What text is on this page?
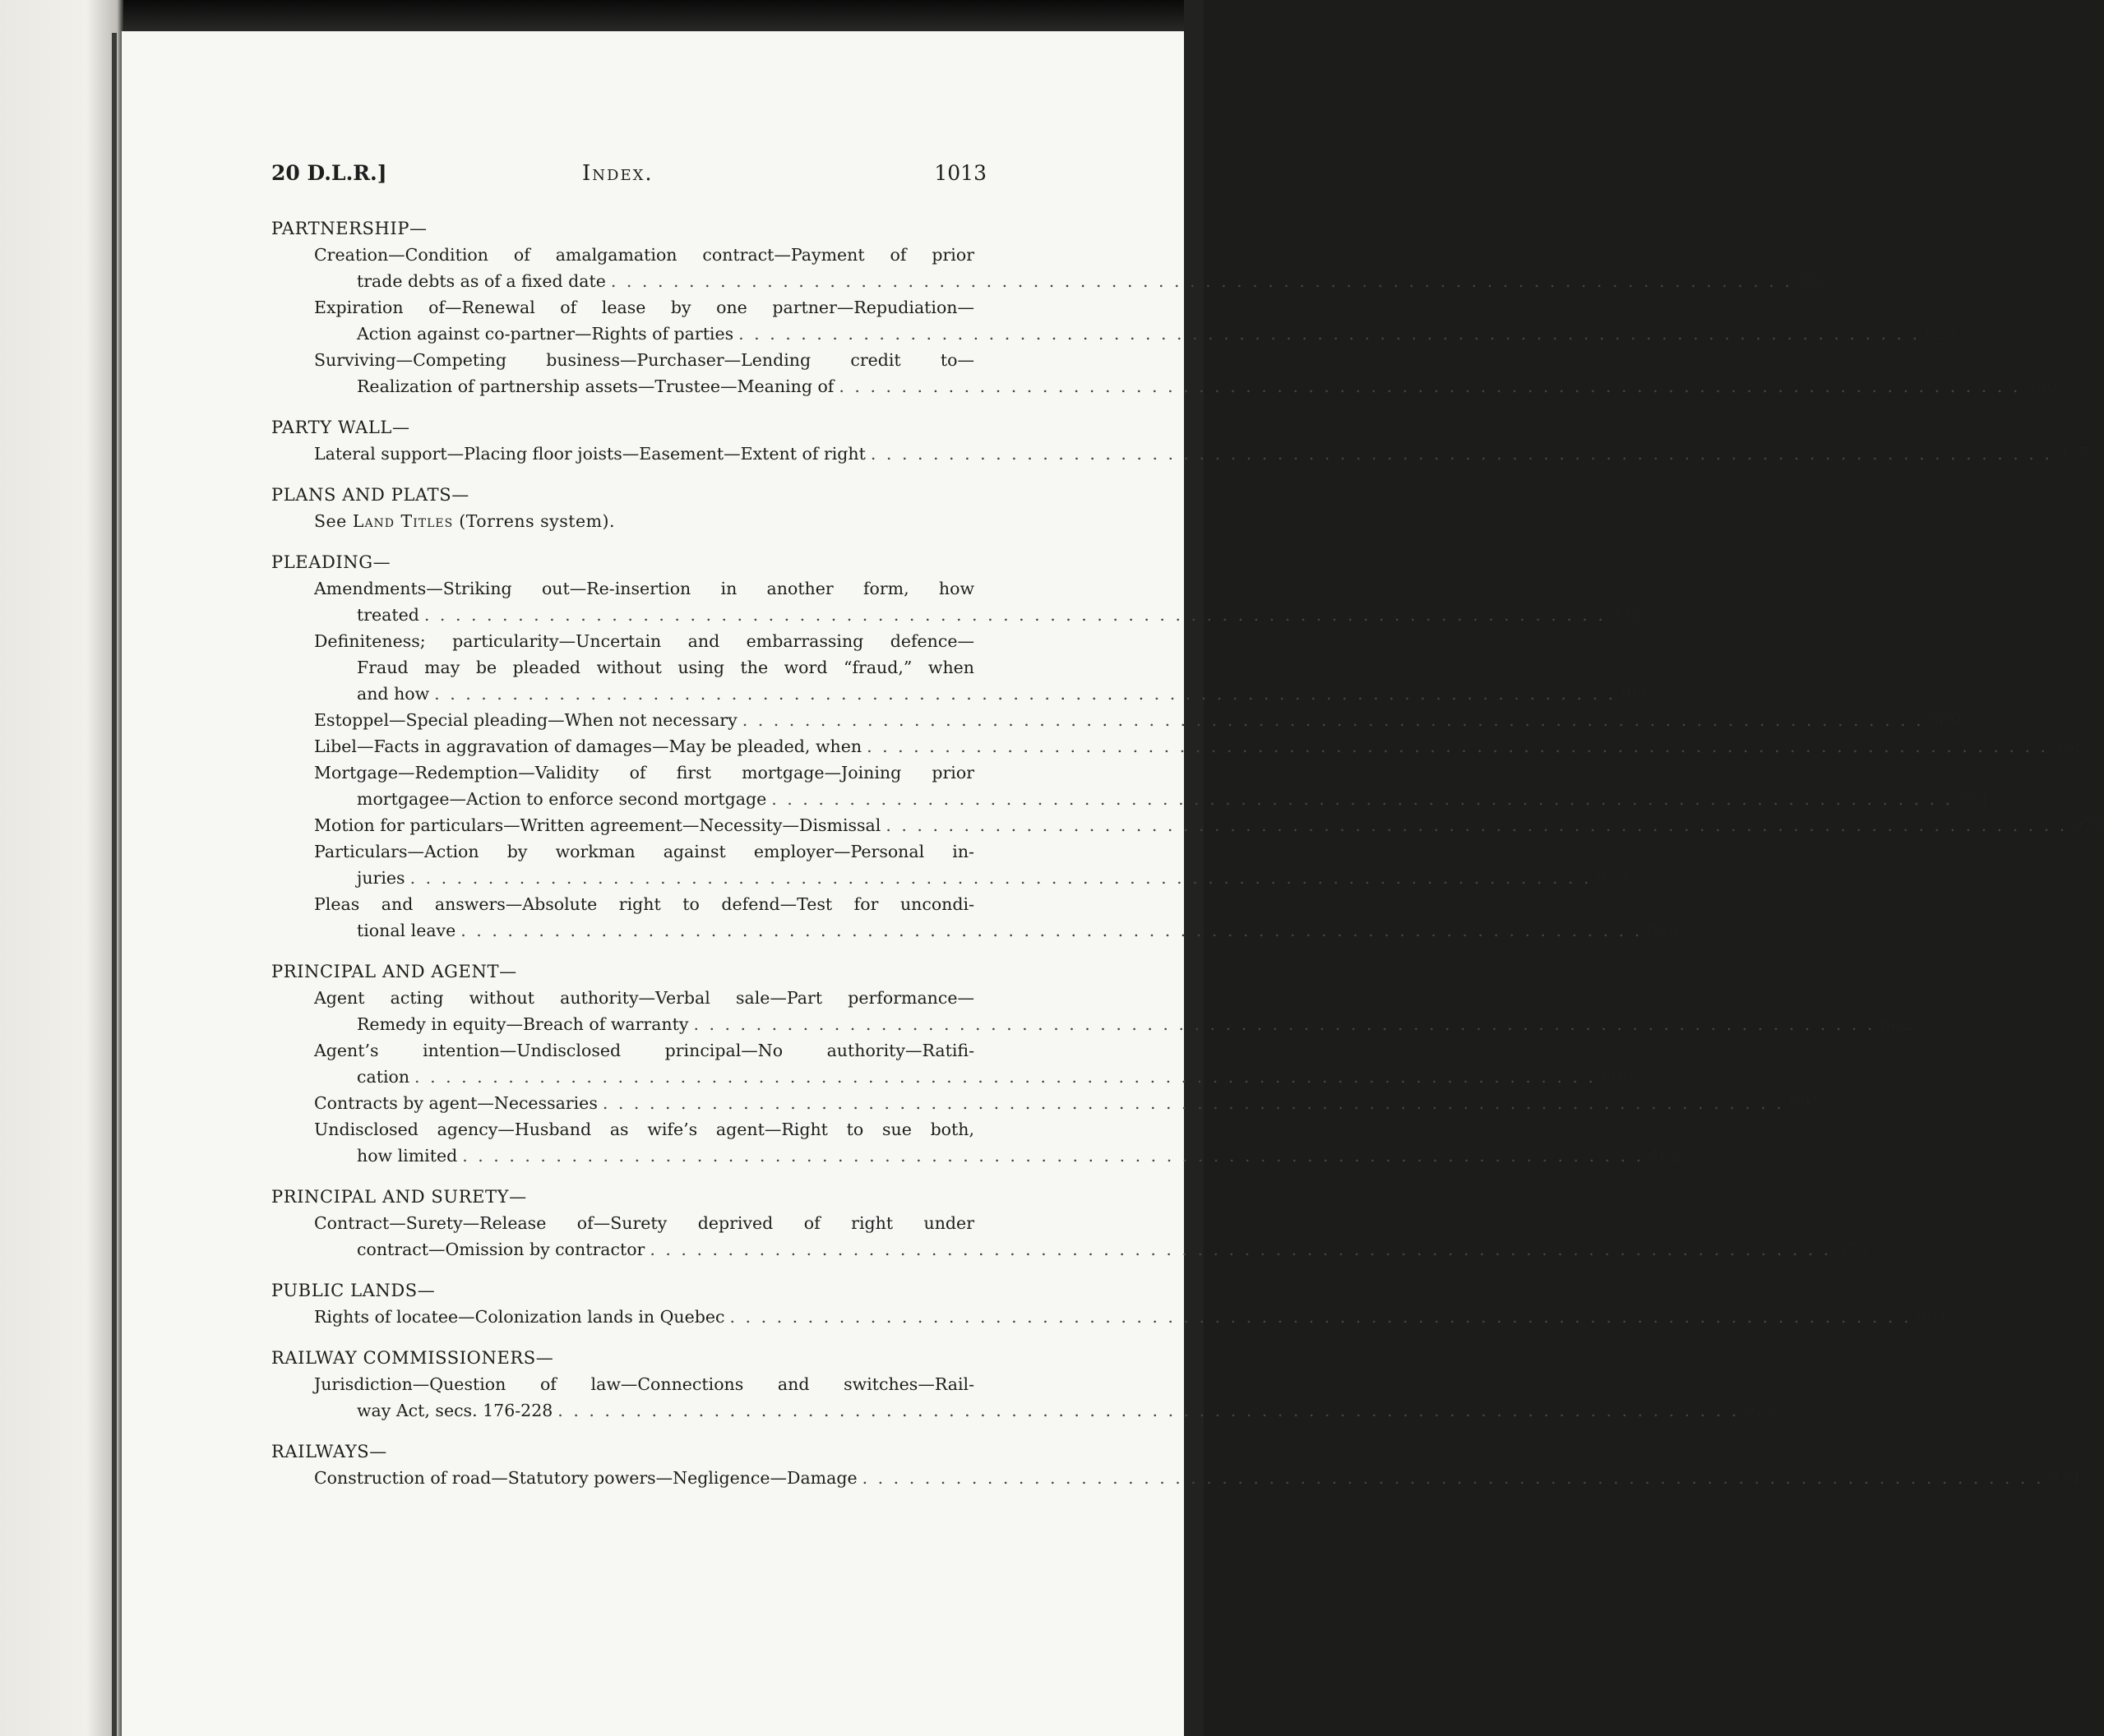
20 D.L.R.]	Index.	1013
PARTNERSHIP—
Creation—Condition of amalgamation contract—Payment of prior
trade debts as of a fixed date . . . . . . . . . . . . . . . . . . . . . . . . . . . . . . . . . . . . . . . . . . . . . . . . . . . . . . . . . . . . . . . . . . . . . . . . . . . . 980
Expiration of—Renewal of lease by one partner—Repudiation—
Action against co-partner—Rights of parties . . . . . . . . . . . . . . . . . . . . . . . . . . . . . . . . . . . . . . . . . . . . . . . . . . . . . . . . . . . . . . . . . . . . . . . . . . . . 622
Surviving—Competing business—Purchaser—Lending credit to—
Realization of partnership assets—Trustee—Meaning of . . . . . . . . . . . . . . . . . . . . . . . . . . . . . . . . . . . . . . . . . . . . . . . . . . . . . . . . . . . . . . . . . . . . . . . . . . . . 960
PARTY WALL—
Lateral support—Placing floor joists—Easement—Extent of right . . . . . . . . . . . . . . . . . . . . . . . . . . . . . . . . . . . . . . . . . . . . . . . . . . . . . . . . . . . . . . . . . . . . . . . . . . . . 977
PLANS AND PLATS—
See Land Titles (Torrens system).
PLEADING—
Amendments—Striking out—Re-insertion in another form, how
treated . . . . . . . . . . . . . . . . . . . . . . . . . . . . . . . . . . . . . . . . . . . . . . . . . . . . . . . . . . . . . . . . . . . . . . . . . . . . 336
Definiteness; particularity—Uncertain and embarrassing defence—
Fraud may be pleaded without using the word “fraud,” when
and how . . . . . . . . . . . . . . . . . . . . . . . . . . . . . . . . . . . . . . . . . . . . . . . . . . . . . . . . . . . . . . . . . . . . . . . . . . . . 966
Estoppel—Special pleading—When not necessary . . . . . . . . . . . . . . . . . . . . . . . . . . . . . . . . . . . . . . . . . . . . . . . . . . . . . . . . . . . . . . . . . . . . . . . . . . . . 569
Libel—Facts in aggravation of damages—May be pleaded, when . . . . . . . . . . . . . . . . . . . . . . . . . . . . . . . . . . . . . . . . . . . . . . . . . . . . . . . . . . . . . . . . . . . . . . . . . . . . 336
Mortgage—Redemption—Validity of first mortgage—Joining prior
mortgagee—Action to enforce second mortgage . . . . . . . . . . . . . . . . . . . . . . . . . . . . . . . . . . . . . . . . . . . . . . . . . . . . . . . . . . . . . . . . . . . . . . . . . . . . 781
Motion for particulars—Written agreement—Necessity—Dismissal . . . . . . . . . . . . . . . . . . . . . . . . . . . . . . . . . . . . . . . . . . . . . . . . . . . . . . . . . . . . . . . . . . . . . . . . . . . . 978
Particulars—Action by workman against employer—Personal in-
juries . . . . . . . . . . . . . . . . . . . . . . . . . . . . . . . . . . . . . . . . . . . . . . . . . . . . . . . . . . . . . . . . . . . . . . . . . . . . 979
Pleas and answers—Absolute right to defend—Test for uncondi-
tional leave . . . . . . . . . . . . . . . . . . . . . . . . . . . . . . . . . . . . . . . . . . . . . . . . . . . . . . . . . . . . . . . . . . . . . . . . . . . . 948
PRINCIPAL AND AGENT—
Agent acting without authority—Verbal sale—Part performance—
Remedy in equity—Breach of warranty . . . . . . . . . . . . . . . . . . . . . . . . . . . . . . . . . . . . . . . . . . . . . . . . . . . . . . . . . . . . . . . . . . . . . . . . . . . . 682
Agent’s intention—Undisclosed principal—No authority—Ratifi-
cation . . . . . . . . . . . . . . . . . . . . . . . . . . . . . . . . . . . . . . . . . . . . . . . . . . . . . . . . . . . . . . . . . . . . . . . . . . . . 609
Contracts by agent—Necessaries . . . . . . . . . . . . . . . . . . . . . . . . . . . . . . . . . . . . . . . . . . . . . . . . . . . . . . . . . . . . . . . . . . . . . . . . . . . . 897
Undisclosed agency—Husband as wife’s agent—Right to sue both,
how limited . . . . . . . . . . . . . . . . . . . . . . . . . . . . . . . . . . . . . . . . . . . . . . . . . . . . . . . . . . . . . . . . . . . . . . . . . . . . 463
PRINCIPAL AND SURETY—
Contract—Surety—Release of—Surety deprived of right under
contract—Omission by contractor . . . . . . . . . . . . . . . . . . . . . . . . . . . . . . . . . . . . . . . . . . . . . . . . . . . . . . . . . . . . . . . . . . . . . . . . . . . . 478
PUBLIC LANDS—
Rights of locatee—Colonization lands in Quebec . . . . . . . . . . . . . . . . . . . . . . . . . . . . . . . . . . . . . . . . . . . . . . . . . . . . . . . . . . . . . . . . . . . . . . . . . . . . 991
RAILWAY COMMISSIONERS—
Jurisdiction—Question of law—Connections and switches—Rail-
way Act, secs. 176-228 . . . . . . . . . . . . . . . . . . . . . . . . . . . . . . . . . . . . . . . . . . . . . . . . . . . . . . . . . . . . . . . . . . . . . . . . . . . . 914
RAILWAYS—
Construction of road—Statutory powers—Negligence—Damage . . . . . . . . . . . . . . . . . . . . . . . . . . . . . . . . . . . . . . . . . . . . . . . . . . . . . . . . . . . . . . . . . . . . . . . . . . . . 834
